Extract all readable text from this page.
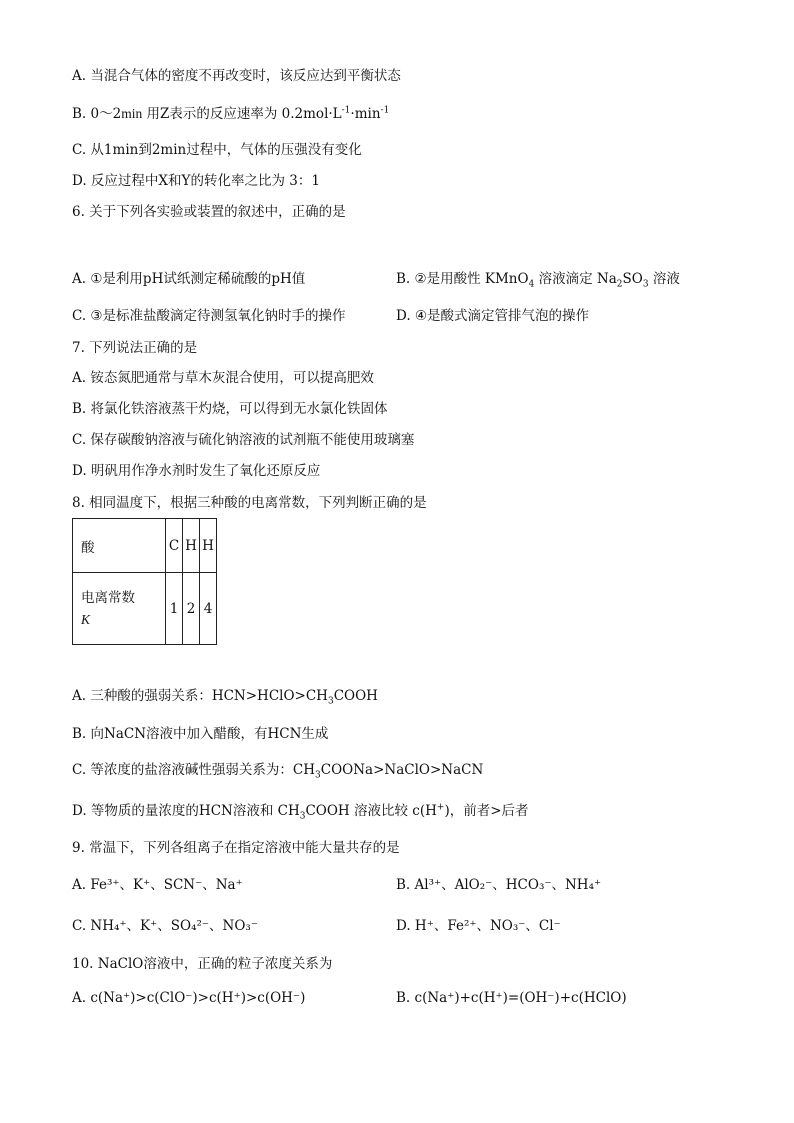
A. 当混合气体的密度不再改变时，该反应达到平衡状态
B. 0～2min 用Z表示的反应速率为 $0.2mol\cdot L^{-1}\cdot\min^{-1}$
C. 从1min到2min过程中，气体的压强没有变化
D. 反应过程中X和Y的转化率之比为 3：1
6. 关于下列各实验或装置的叙述中，正确的是
A. ①是利用pH试纸测定稀硫酸的pH值	B. ②是用酸性 KMnO$_4$ 溶液滴定 $Na_2SO_3$ 溶液
C. ③是标准盐酸滴定待测氢氧化钠时手的操作	D. ④是酸式滴定管排气泡的操作
7. 下列说法正确的是
A. 铵态氮肥通常与草木灰混合使用，可以提高肥效
B. 将氯化铁溶液蒸干灼烧，可以得到无水氯化铁固体
C. 保存碳酸钠溶液与硫化钠溶液的试剂瓶不能使用玻璃塞
D. 明矾用作净水剂时发生了氧化还原反应
8. 相同温度下，根据三种酸的电离常数，下列判断正确的是
酸	C	H	H

电离常数
K	1	2	4
A. 三种酸的强弱关系：$HCN>HClO>CH_3COOH$
B. 向NaCN溶液中加入醋酸，有HCN生成
C. 等浓度的盐溶液碱性强弱关系为：$CH_3COONa>NaClO>NaCN$
D. 等物质的量浓度的HCN溶液和 $CH_3COOH$ 溶液比较 c(H+)，前者>后者
9. 常温下，下列各组离子在指定溶液中能大量共存的是
A. Fe³⁺、K⁺、SCN⁻、Na⁺	B. Al³⁺、AlO₂⁻、HCO₃⁻、NH₄⁺
C. NH₄⁺、K⁺、SO₄²⁻、NO₃⁻	D. H⁺、Fe²⁺、NO₃⁻、Cl⁻
10. NaClO溶液中，正确的粒子浓度关系为
A. c(Na⁺)>c(ClO⁻)>c(H⁺)>c(OH⁻)	B. c(Na⁺)+c(H⁺)=(OH⁻)+c(HClO)
